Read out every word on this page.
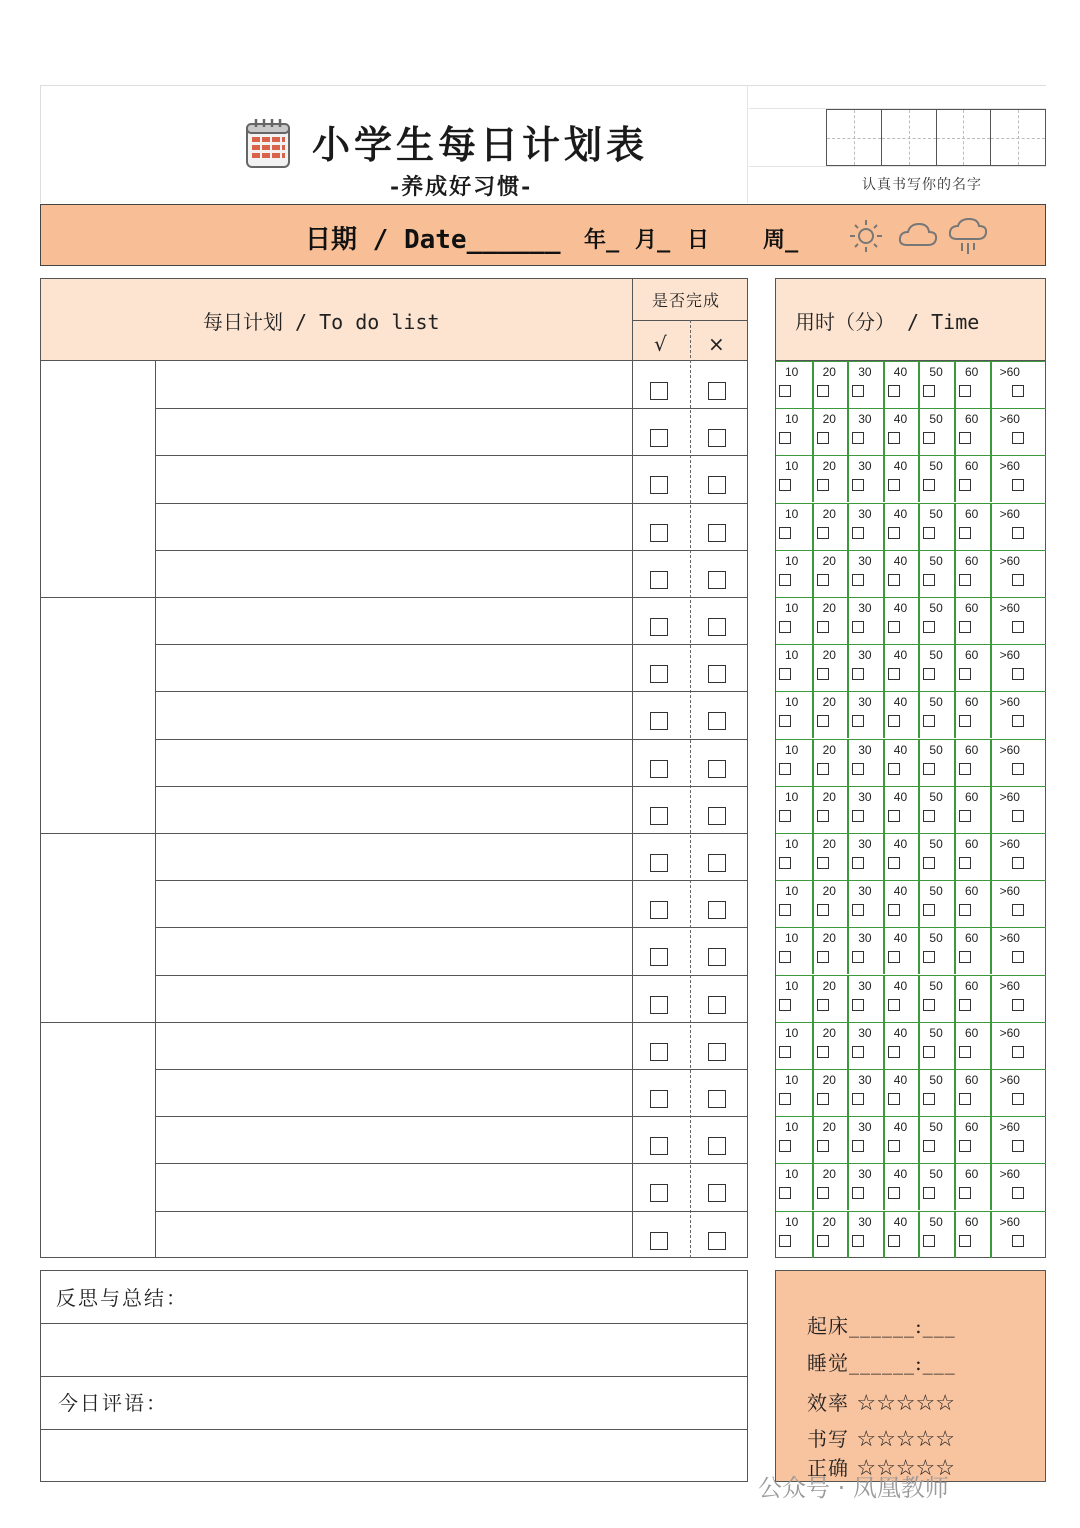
小学生每日计划表
-养成好习惯-	认真书写你的名字
日期 / Date______ 年_ 月_ 日 周_
每日计划 / To do list
是否完成
√ ×
用时（分） / Time
10 20 30 40 50 60 >60
10 20 30 40 50 60 >60
10 20 30 40 50 60 >60
10 20 30 40 50 60 >60
10 20 30 40 50 60 >60
10 20 30 40 50 60 >60
10 20 30 40 50 60 >60
10 20 30 40 50 60 >60
10 20 30 40 50 60 >60
10 20 30 40 50 60 >60
10 20 30 40 50 60 >60
10 20 30 40 50 60 >60
10 20 30 40 50 60 >60
10 20 30 40 50 60 >60
10 20 30 40 50 60 >60
10 20 30 40 50 60 >60
10 20 30 40 50 60 >60
10 20 30 40 50 60 >60
10 20 30 40 50 60 >60
反思与总结：
今日评语：
起床______:___
睡觉______:___
效率 ☆☆☆☆☆
书写 ☆☆☆☆☆
正确 ☆☆☆☆☆
公众号 · 凤凰教师
